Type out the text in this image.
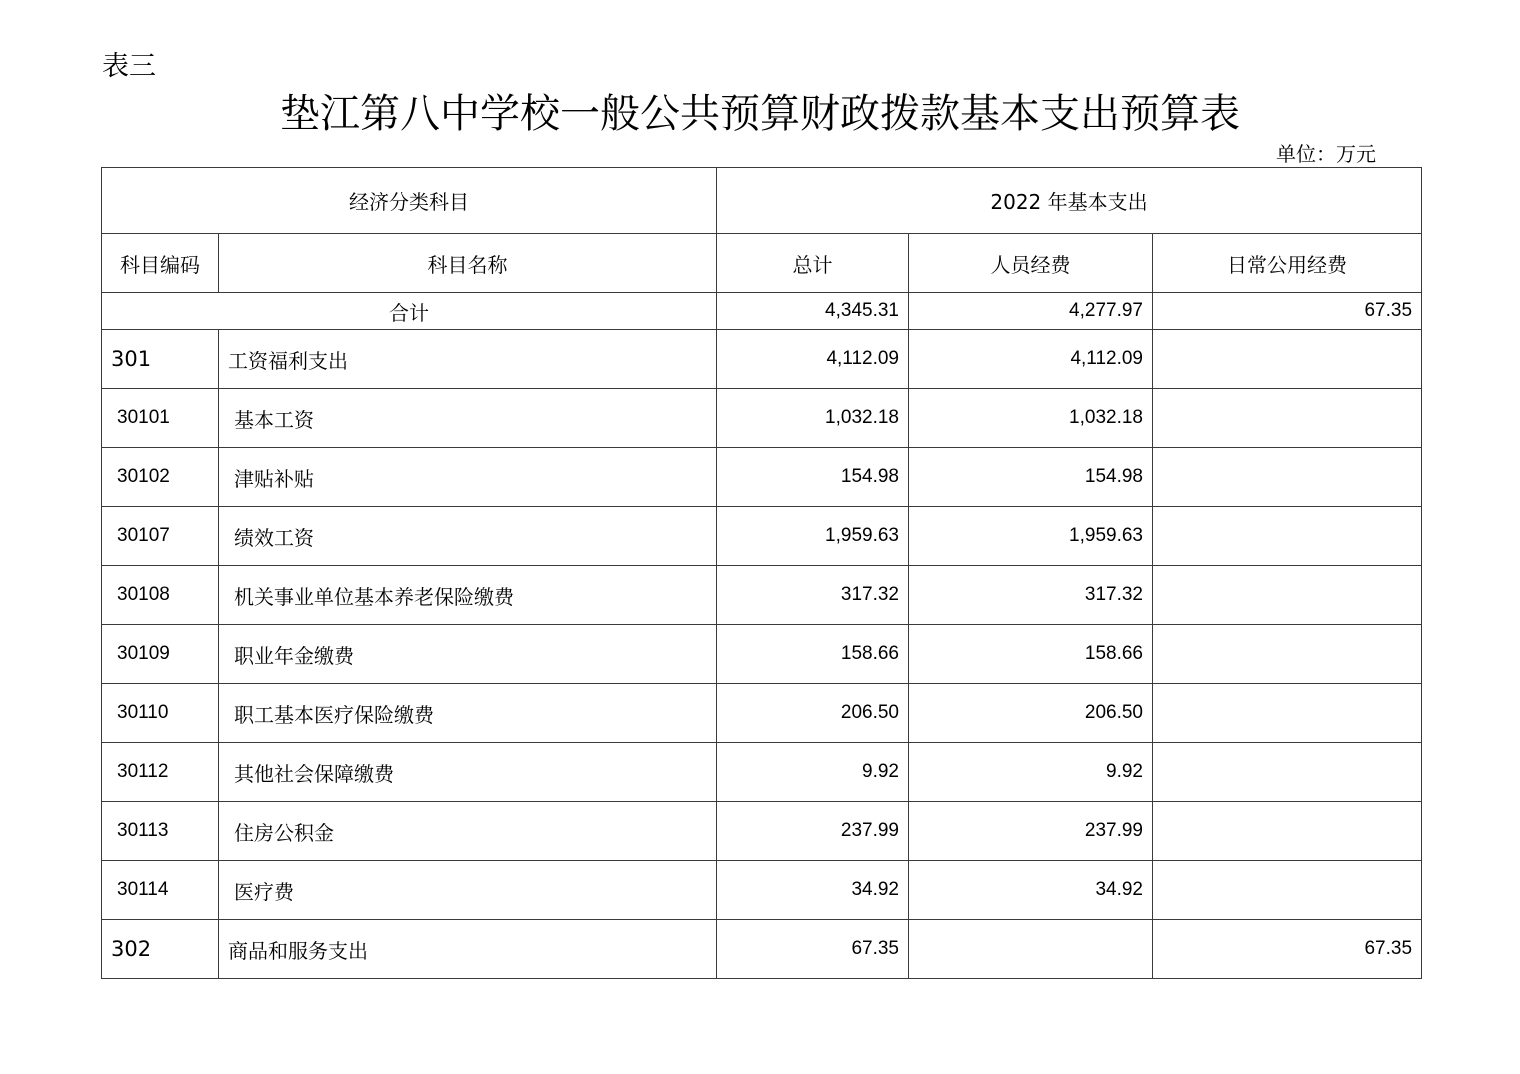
表三
垫江第八中学校一般公共预算财政拨款基本支出预算表
单位：万元
经济分类科目		2022 年基本支出		
科目编码	科目名称	总计	人员经费	日常公用经费
合计		4,345.31	4,277.97	67.35
301	工资福利支出	4,112.09	4,112.09	
30101	基本工资	1,032.18	1,032.18	
30102	津贴补贴	154.98	154.98	
30107	绩效工资	1,959.63	1,959.63	
30108	机关事业单位基本养老保险缴费	317.32	317.32	
30109	职业年金缴费	158.66	158.66	
30110	职工基本医疗保险缴费	206.50	206.50	
30112	其他社会保障缴费	9.92	9.92	
30113	住房公积金	237.99	237.99	
30114	医疗费	34.92	34.92	
302	商品和服务支出	67.35		67.35
